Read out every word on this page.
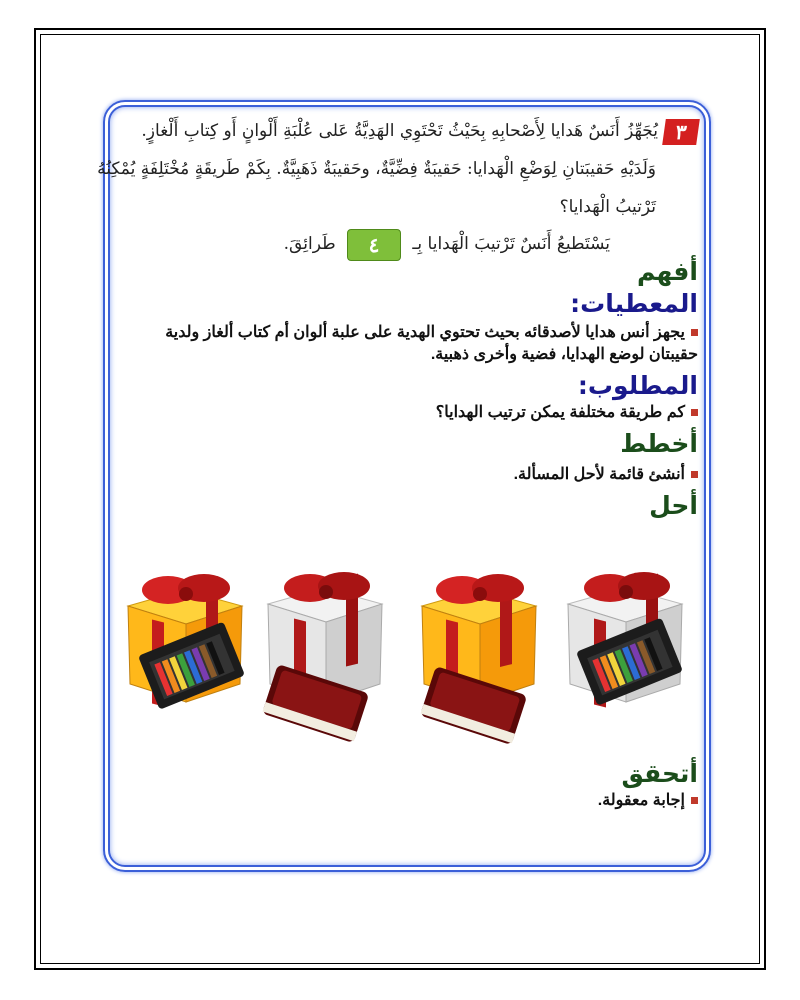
٣يُجَهِّزُ أَنَسٌ هَدايا لِأَصْحابِهِ بِحَيْثُ تَحْتَوِي الهَدِيَّةُ عَلى عُلْبَةِ أَلْوانٍ أَو كِتابِ أَلْغازٍ.
وَلَدَيْهِ حَقيبَتانِ لِوَضْعِ الْهَدايا: حَقيبَةٌ فِضِّيَّةٌ، وحَقيبَةٌ ذَهَبِيَّةٌ. بِكَمْ طَريقَةٍ مُخْتَلِفَةٍ يُمْكِنُهُ
تَرْتيبُ الْهَدايا؟
يَسْتَطيعُ أَنَسٌ تَرْتيبَ الْهَدايا بِـ ٤ طَرائِقَ.
أفهم
المعطيات:

يجهز أنس هدايا لأصدقائه بحيث تحتوي الهدية على علبة ألوان أم كتاب ألغاز ولدية حقيبتان لوضع الهدايا، فضية وأخرى ذهبية.

المطلوب:

كم طريقة مختلفة يمكن ترتيب الهدايا؟

أخطط

أنشئ قائمة لأحل المسألة.

أحل
أتحقق

إجابة معقولة.
